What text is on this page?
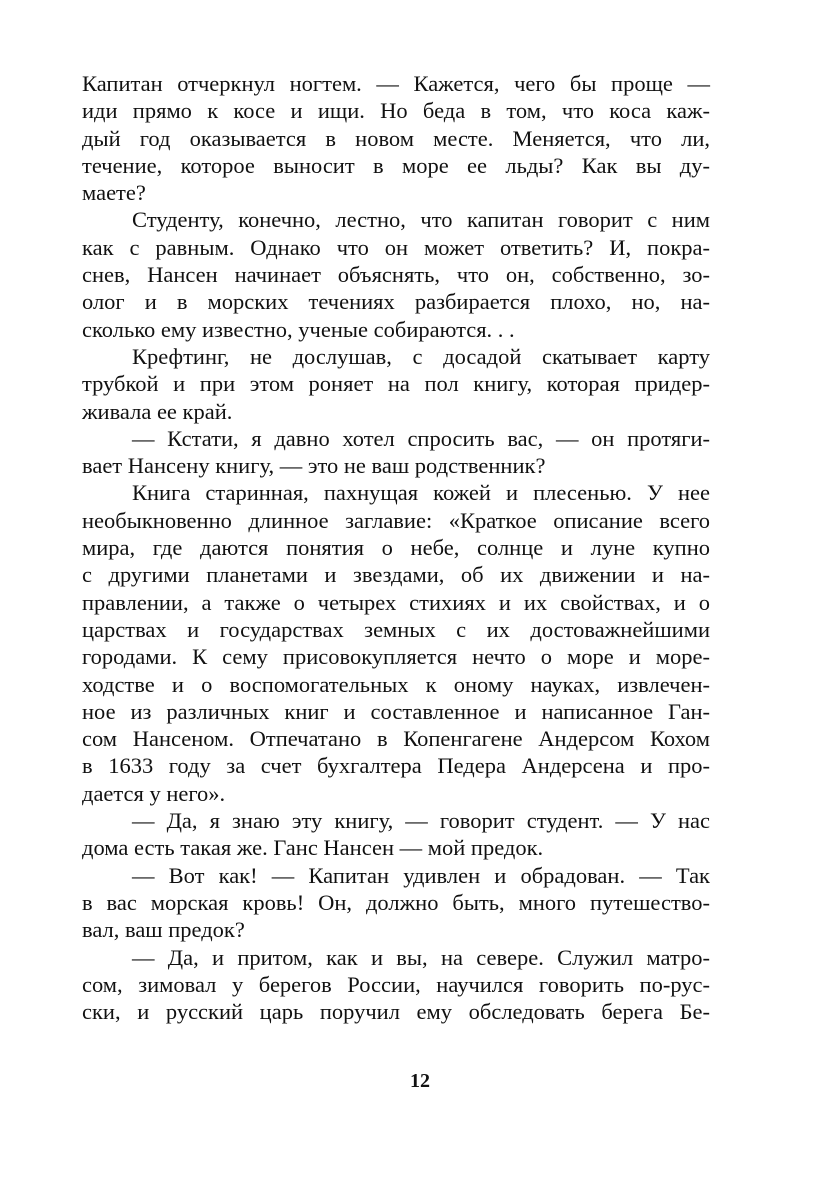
Капитан отчеркнул ногтем. — Кажется, чего бы проще —
иди прямо к косе и ищи. Но беда в том, что коса каж-
дый год оказывается в новом месте. Меняется, что ли,
течение, которое выносит в море ее льды? Как вы ду-
маете?
Студенту, конечно, лестно, что капитан говорит с ним
как с равным. Однако что он может ответить? И, покра-
снев, Нансен начинает объяснять, что он, собственно, зо-
олог и в морских течениях разбирается плохо, но, на-
сколько ему известно, ученые собираются. . .
Крефтинг, не дослушав, с досадой скатывает карту
трубкой и при этом роняет на пол книгу, которая придер-
живала ее край.
— Кстати, я давно хотел спросить вас, — он протяги-
вает Нансену книгу, — это не ваш родственник?
Книга старинная, пахнущая кожей и плесенью. У нее
необыкновенно длинное заглавие: «Краткое описание всего
мира, где даются понятия о небе, солнце и луне купно
с другими планетами и звездами, об их движении и на-
правлении, а также о четырех стихиях и их свойствах, и о
царствах и государствах земных с их достоважнейшими
городами. К сему присовокупляется нечто о море и море-
ходстве и о воспомогательных к оному науках, извлечен-
ное из различных книг и составленное и написанное Ган-
сом Нансеном. Отпечатано в Копенгагене Андерсом Кохом
в 1633 году за счет бухгалтера Педера Андерсена и про-
дается у него».
— Да, я знаю эту книгу, — говорит студент. — У нас
дома есть такая же. Ганс Нансен — мой предок.
— Вот как! — Капитан удивлен и обрадован. — Так
в вас морская кровь! Он, должно быть, много путешество-
вал, ваш предок?
— Да, и притом, как и вы, на севере. Служил матро-
сом, зимовал у берегов России, научился говорить по-рус-
ски, и русский царь поручил ему обследовать берега Бе-
12
